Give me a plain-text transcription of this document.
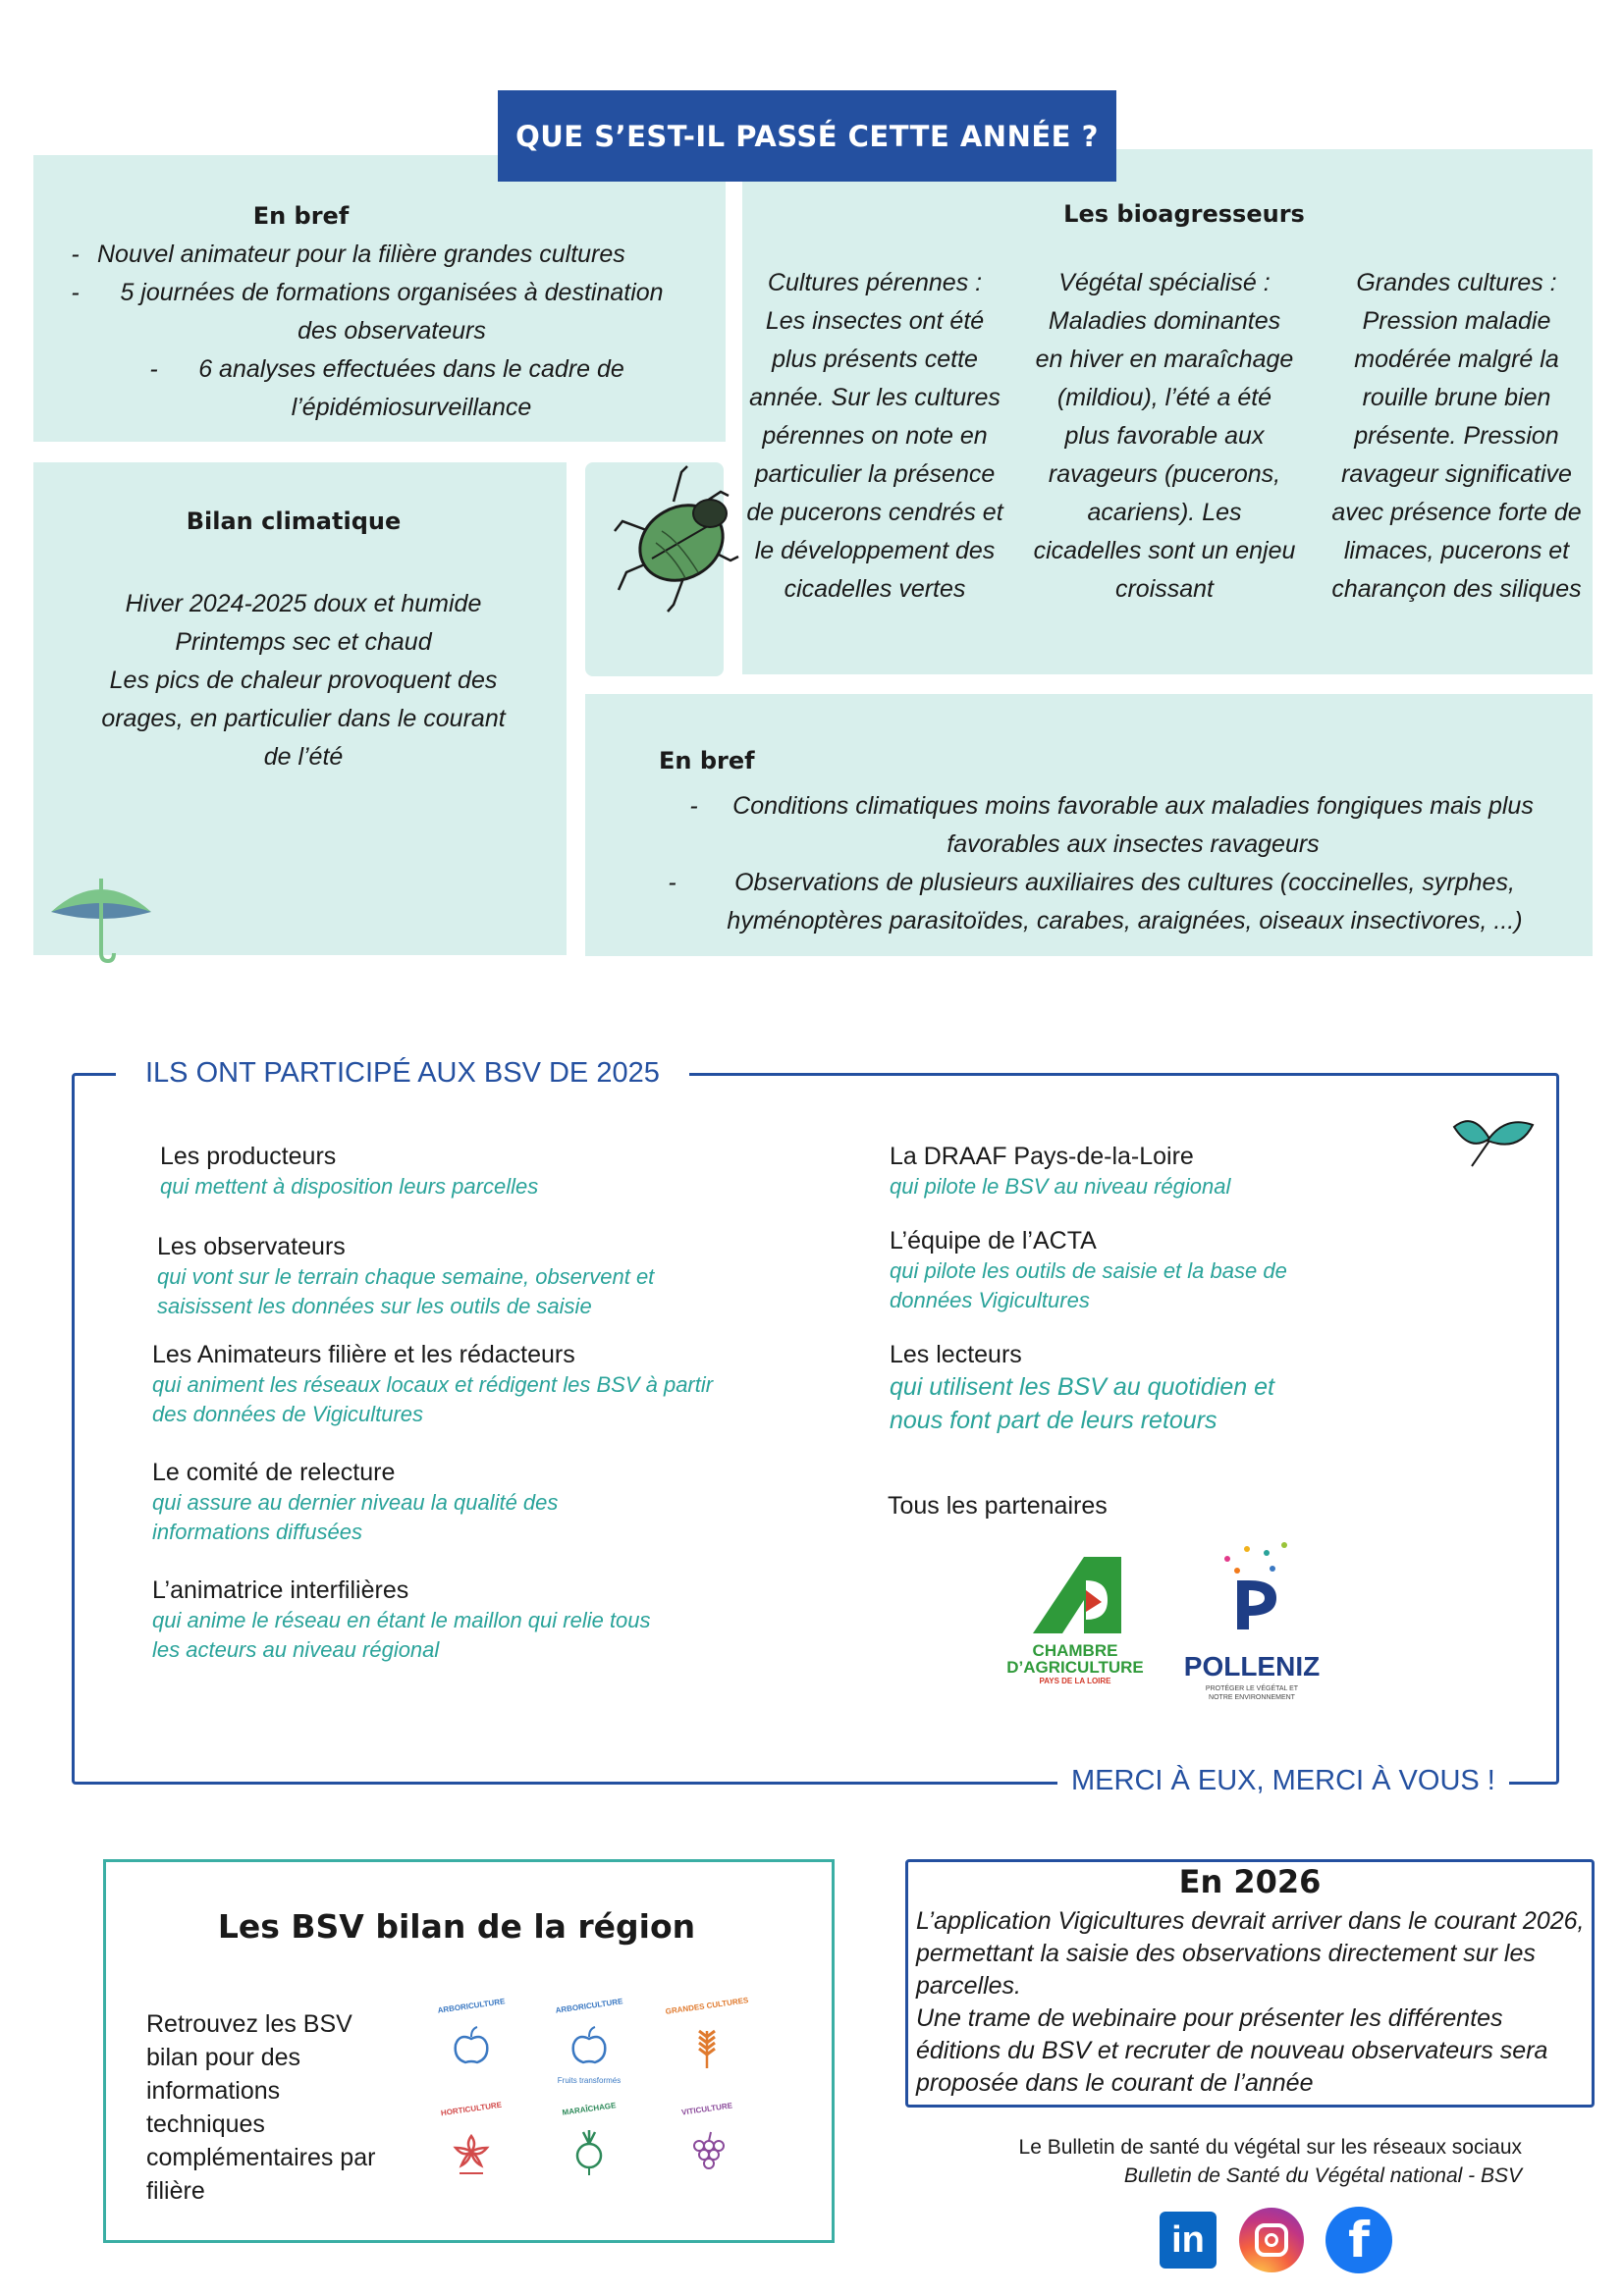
QUE S’EST-IL PASSÉ CETTE ANNÉE ?
En bref
- Nouvel animateur pour la filière grandes cultures
-	5 journées de formations organisées à destination des observateurs
-	6 analyses effectuées dans le cadre de l’épidémiosurveillance
Les bioagresseurs
Cultures pérennes : Les insectes ont été plus présents cette année. Sur les cultures pérennes on note en particulier la présence de pucerons cendrés et le développement des cicadelles vertes
Végétal spécialisé : Maladies dominantes en hiver en maraîchage (mildiou), l’été a été plus favorable aux ravageurs (pucerons, acariens). Les cicadelles sont un enjeu croissant
Grandes cultures : Pression maladie modérée malgré la rouille brune bien présente. Pression ravageur significative avec présence forte de limaces, pucerons et charançon des siliques
Bilan climatique
Hiver 2024-2025 doux et humide
Printemps sec et chaud
Les pics de chaleur provoquent des orages, en particulier dans le courant de l’été	En bref
-	Conditions climatiques moins favorable aux maladies fongiques mais plus favorables aux insectes ravageurs
-	Observations de plusieurs auxiliaires des cultures (coccinelles, syrphes, hyménoptères parasitoïdes, carabes, araignées, oiseaux insectivores, ...)
ILS ONT PARTICIPÉ AUX BSV DE 2025
MERCI À EUX, MERCI À VOUS !
Les producteurs
qui mettent à disposition leurs parcelles
Les observateurs
qui vont sur le terrain chaque semaine, observent et saisissent les données sur les outils de saisie
Les Animateurs filière et les rédacteurs
qui animent les réseaux locaux et rédigent les BSV à partir des données de Vigicultures
Le comité de relecture
qui assure au dernier niveau la qualité des informations diffusées
L’animatrice interfilières
qui anime le réseau en étant le maillon qui relie tous les acteurs au niveau régional
La DRAAF Pays-de-la-Loire
qui pilote le BSV au niveau régional
L’équipe de l’ACTA
qui pilote les outils de saisie et la base de données Vigicultures
Les lecteurs
qui utilisent les BSV au quotidien et nous font part de leurs retours
Tous les partenaires
CHAMBRE
D’AGRICULTURE
PAYS DE LA LOIRE	POLLENIZ
PROTÉGER LE VÉGÉTAL ET
NOTRE ENVIRONNEMENT
Les BSV bilan de la région
Retrouvez les BSV bilan pour des informations techniques complémentaires par filière
ARBORICULTURE	ARBORICULTURE
Fruits transformés
GRANDES CULTURES
HORTICULTURE	MARAÎCHAGE	VITICULTURE
En 2026
L’application Vigicultures devrait arriver dans le courant 2026, permettant la saisie des observations directement sur les parcelles.
Une trame de webinaire pour présenter les différentes éditions du BSV et recruter de nouveau observateurs sera proposée dans le courant de l’année
Le Bulletin de santé du végétal sur les réseaux sociaux
Bulletin de Santé du Végétal national - BSV
in	f
